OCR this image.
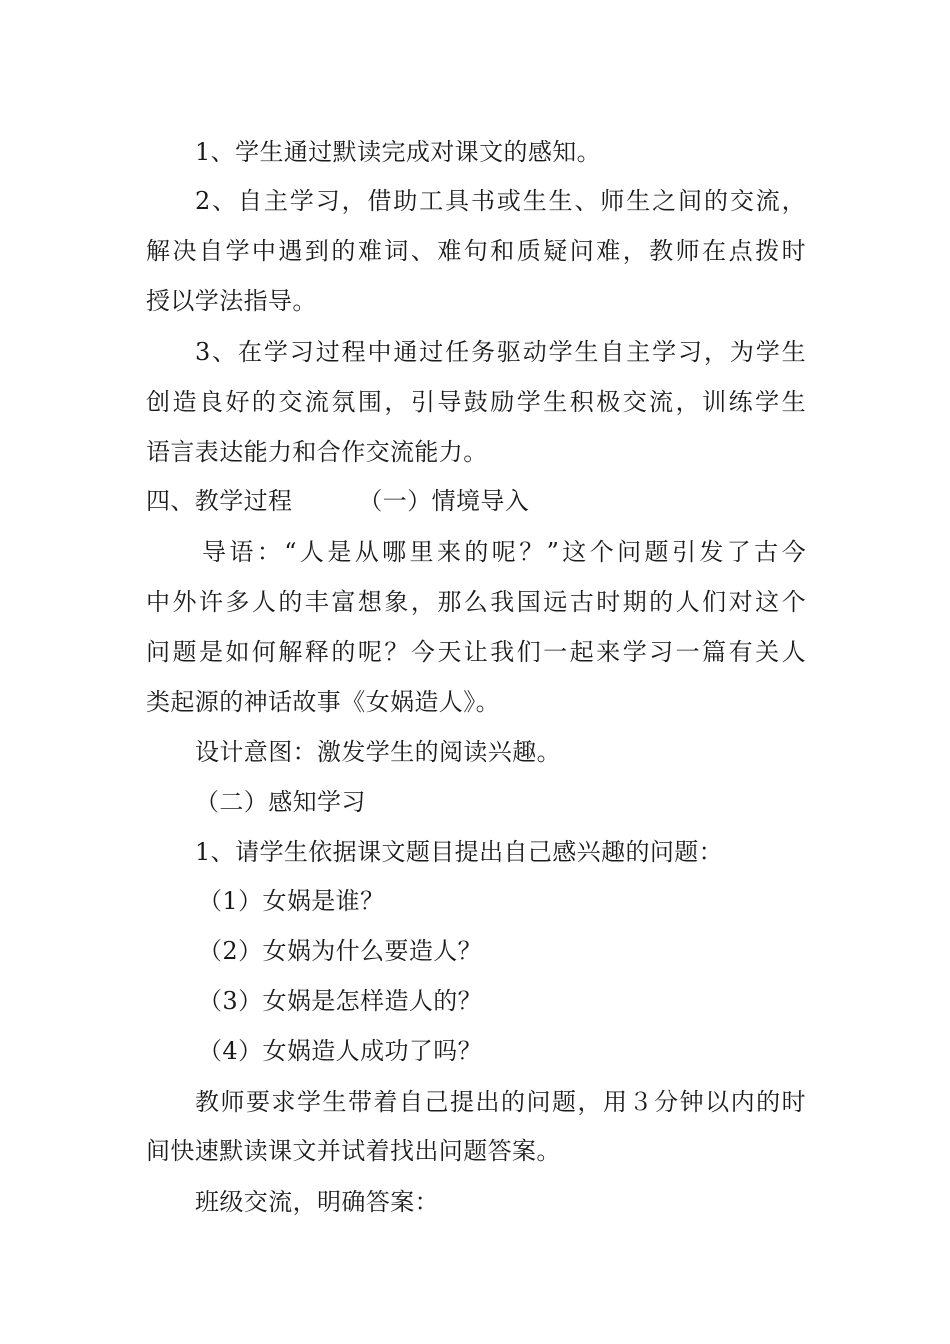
1、学生通过默读完成对课文的感知。
2、自主学习，借助工具书或生生、师生之间的交流，
解决自学中遇到的难词、难句和质疑问难，教师在点拨时
授以学法指导。
3、在学习过程中通过任务驱动学生自主学习，为学生
创造良好的交流氛围，引导鼓励学生积极交流，训练学生
语言表达能力和合作交流能力。
四、教学过程	（一）情境导入
导语：“人是从哪里来的呢？”这个问题引发了古今
中外许多人的丰富想象，那么我国远古时期的人们对这个
问题是如何解释的呢？今天让我们一起来学习一篇有关人
类起源的神话故事《女娲造人》。
设计意图：激发学生的阅读兴趣。
（二）感知学习
1、请学生依据课文题目提出自己感兴趣的问题：
（1）女娲是谁？
（2）女娲为什么要造人？
（3）女娲是怎样造人的？
（4）女娲造人成功了吗？
教师要求学生带着自己提出的问题，用３分钟以内的时
间快速默读课文并试着找出问题答案。
班级交流，明确答案：
